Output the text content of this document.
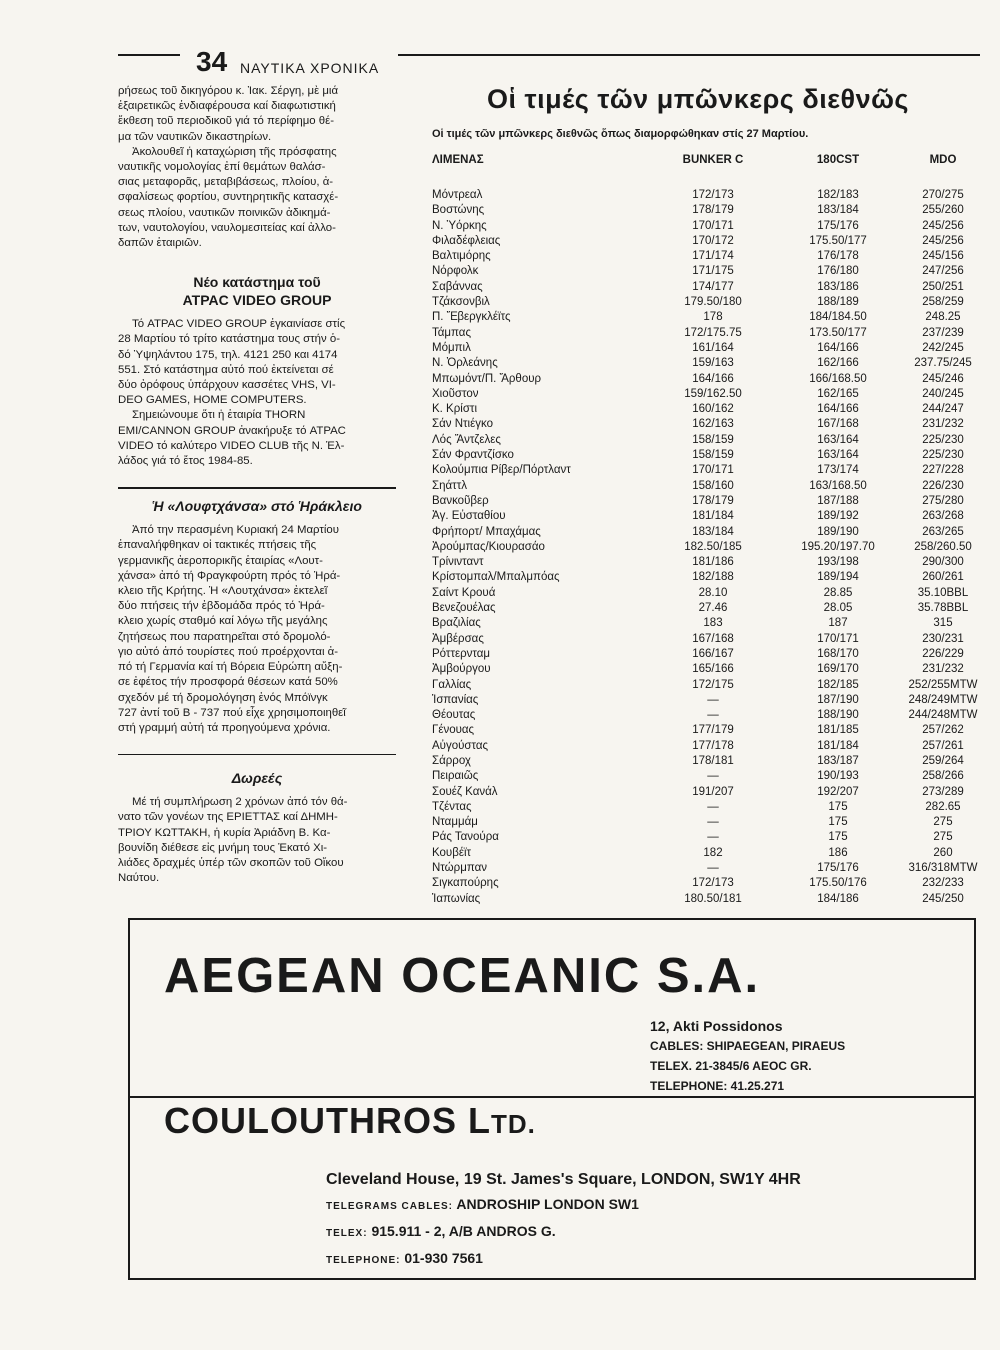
34 ΝΑΥΤΙΚΑ ΧΡΟΝΙΚΑ

ρήσεως τοῦ δικηγόρου κ. Ἰακ. Σέργη, μὲ μιά
ἐξαιρετικῶς ἐνδιαφέρουσα καί διαφωτιστική
ἔκθεση τοῦ περιοδικοῦ γιά τό περίφημο θέ-
μα τῶν ναυτικῶν δικαστηρίων.

Ἀκολουθεῖ ἡ καταχώριση τῆς πρόσφατης
ναυτικῆς νομολογίας ἐπί θεμάτων θαλάσ-
σιας μεταφορᾶς, μεταβιβάσεως, πλοίου, ἀ-
σφαλίσεως φορτίου, συντηρητικῆς κατασχέ-
σεως πλοίου, ναυτικῶν ποινικῶν ἀδικημά-
των, ναυτολογίου, ναυλομεσιτείας καί ἀλλο-
δαπῶν ἑταιριῶν.

Νέο κατάστημα τοῦ
ATPAC VIDEO GROUP

Τό ATPAC VIDEO GROUP ἐγκαινίασε στίς
28 Μαρτίου τό τρίτο κατάστημα τους στήν ὁ-
δό Ὑψηλάντου 175, τηλ. 4121 250 και 4174
551. Στό κατάστημα αὐτό πού ἐκτείνεται σέ
δύο ὀρόφους ὑπάρχουν κασσέτες VHS, VI-
DEO GAMES, HOME COMPUTERS.

Σημειώνουμε ὅτι ἡ ἑταιρία THORN
EMI/CANNON GROUP ἀνακήρυξε τό ATPAC
VIDEO τό καλύτερο VIDEO CLUB τῆς Ν. Ἑλ-
λάδος γιά τό ἔτος 1984-85.

Ἡ «Λουφτχάνσα» στό Ἡράκλειο

Ἀπό την περασμένη Κυριακή 24 Μαρτίου
ἐπαναλήφθηκαν οἱ τακτικές πτήσεις τῆς
γερμανικῆς ἀεροπορικῆς ἑταιρίας «Λουτ-
χάνσα» ἀπό τή Φραγκφούρτη πρός τό Ἡρά-
κλειο τῆς Κρήτης. Ἡ «Λουτχάνσα» ἐκτελεῖ
δύο πτήσεις τήν ἑβδομάδα πρός τό Ἡρά-
κλειο χωρίς σταθμό καί λόγω τῆς μεγάλης
ζητήσεως που παρατηρεῖται στό δρομολό-
γιο αὐτό ἀπό τουρίστες πού προέρχονται ἀ-
πό τή Γερμανία καί τή Βόρεια Εὐρώπη αὔξη-
σε ἐφέτος τήν προσφορά θέσεων κατά 50%
σχεδόν μέ τή δρομολόγηση ἑνός Μπόϊνγκ
727 ἀντί τοῦ Β - 737 πού εἶχε χρησιμοποιηθεῖ
στή γραμμή αὐτή τά προηγούμενα χρόνια.

Δωρεές

Μέ τή συμπλήρωση 2 χρόνων ἀπό τόν θά-
νατο τῶν γονέων της ΕΡΙΕΤΤΑΣ καί ΔΗΜΗ-
ΤΡΙΟΥ ΚΩΤΤΑΚΗ, ἡ κυρία Ἀριάδνη Β. Κα-
βουνίδη διέθεσε εἰς μνήμη τους Ἑκατό Χι-
λιάδες δραχμές ὑπέρ τῶν σκοπῶν τοῦ Οἴκου
Ναύτου.

Οἱ τιμές τῶν μπῶνκερς διεθνῶς
Οἱ τιμές τῶν μπῶνκερς διεθνῶς ὅπως διαμορφώθηκαν στίς 27 Μαρτίου.
ΛΙΜΕΝΑΣ	BUNKER C	180CST	MDO
Μόντρεαλ	172/173	182/183	270/275
Βοστώνης	178/179	183/184	255/260
Ν. Ὑόρκης	170/171	175/176	245/256
Φιλαδέφλειας	170/172	175.50/177	245/256
Βαλτιμόρης	171/174	176/178	245/156
Νόρφολκ	171/175	176/180	247/256
Σαβάννας	174/177	183/186	250/251
Τζάκσονβιλ	179.50/180	188/189	258/259
Π. Ἔβεργκλέϊτς	178	184/184.50	248.25
Τάμπας	172/175.75	173.50/177	237/239
Μόμπιλ	161/164	164/166	242/245
Ν. Ὀρλεάνης	159/163	162/166	237.75/245
Μπωμόντ/Π. Ἄρθουρ	164/166	166/168.50	245/246
Χιοῦστον	159/162.50	162/165	240/245
Κ. Κρίστι	160/162	164/166	244/247
Σάν Ντιέγκο	162/163	167/168	231/232
Λός Ἄντζελες	158/159	163/164	225/230
Σάν Φραντζίσκο	158/159	163/164	225/230
Κολούμπια Ρίβερ/Πόρτλαντ	170/171	173/174	227/228
Σηάττλ	158/160	163/168.50	226/230
Βανκοῦβερ	178/179	187/188	275/280
Ἀγ. Εὐσταθίου	181/184	189/192	263/268
Φρήπορτ/ Μπαχάμας	183/184	189/190	263/265
Ἀρούμπας/Κιουρασάο	182.50/185	195.20/197.70	258/260.50
Τρίνινταντ	181/186	193/198	290/300
Κρίστομπαλ/Μπαλμπόας	182/188	189/194	260/261
Σαίντ Κρουά	28.10	28.85	35.10BBL
Βενεζουέλας	27.46	28.05	35.78BBL
Βραζιλίας	183	187	315
Ἀμβέρσας	167/168	170/171	230/231
Ρόττερνταμ	166/167	168/170	226/229
Ἀμβούργου	165/166	169/170	231/232
Γαλλίας	172/175	182/185	252/255MTW
Ἰσπανίας	—	187/190	248/249MTW
Θέουτας	—	188/190	244/248MTW
Γένουας	177/179	181/185	257/262
Αὐγούστας	177/178	181/184	257/261
Σάρροχ	178/181	183/187	259/264
Πειραιῶς	—	190/193	258/266
Σουέζ Κανάλ	191/207	192/207	273/289
Τζέντας	—	175	282.65
Νταμμάμ	—	175	275
Ράς Τανούρα	—	175	275
Κουβέϊτ	182	186	260
Ντώρμπαν	—	175/176	316/318MTW
Σιγκαπούρης	172/173	175.50/176	232/233
Ἰαπωνίας	180.50/181	184/186	245/250
AEGEAN OCEANIC S.A.
12, Akti Possidonos
CABLES: SHIPAEGEAN, PIRAEUS
TELEX. 21-3845/6 AEOC GR.
TELEPHONE: 41.25.271
COULOUTHROS LTD.
Cleveland House, 19 St. James's Square, LONDON, SW1Y 4HR
TELEGRAMS CABLES: ANDROSHIP LONDON SW1
TELEX: 915.911 - 2, A/B ANDROS G.
TELEPHONE: 01-930 7561
